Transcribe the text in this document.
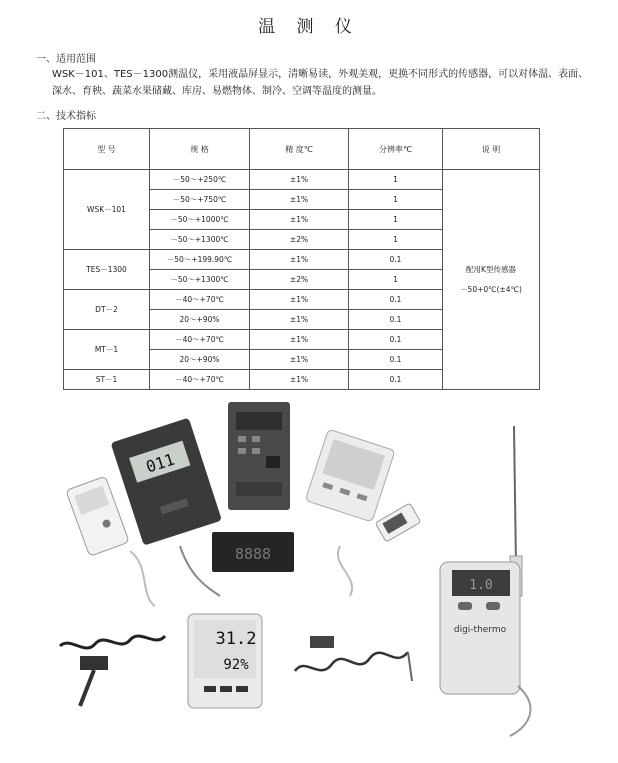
温 测 仪
一、适用范围
WSK－101、TES－1300测温仪，采用液晶屏显示，清晰易读，外观美观，更换不同形式的传感器，可以对体温、表面、深水、育秧、蔬菜水果储藏、库房、易燃物体、制冷、空调等温度的测量。
二、技术指标
型 号	规 格	精 度℃	分辨率℃	说 明
WSK－101	－50～+250℃	±1%	1	配用K型传感器
－50+0℃(±4℃)

	－50～+750℃	±1%	1	
	－50～+1000℃	±1%	1	
	－50～+1300℃	±2%	1	
TES－1300	－50～+199.90℃	±1%	0.1	
	－50～+1300℃	±2%	1	
DT－2	－40～+70℃	±1%	0.1	
	20～+90%	±1%	0.1	
MT－1	－40～+70℃	±1%	0.1	
	20～+90%	±1%	0.1	
ST－1	－40～+70℃	±1%	0.1	
011
8888
1.0
digi-thermo
31.2
92%
